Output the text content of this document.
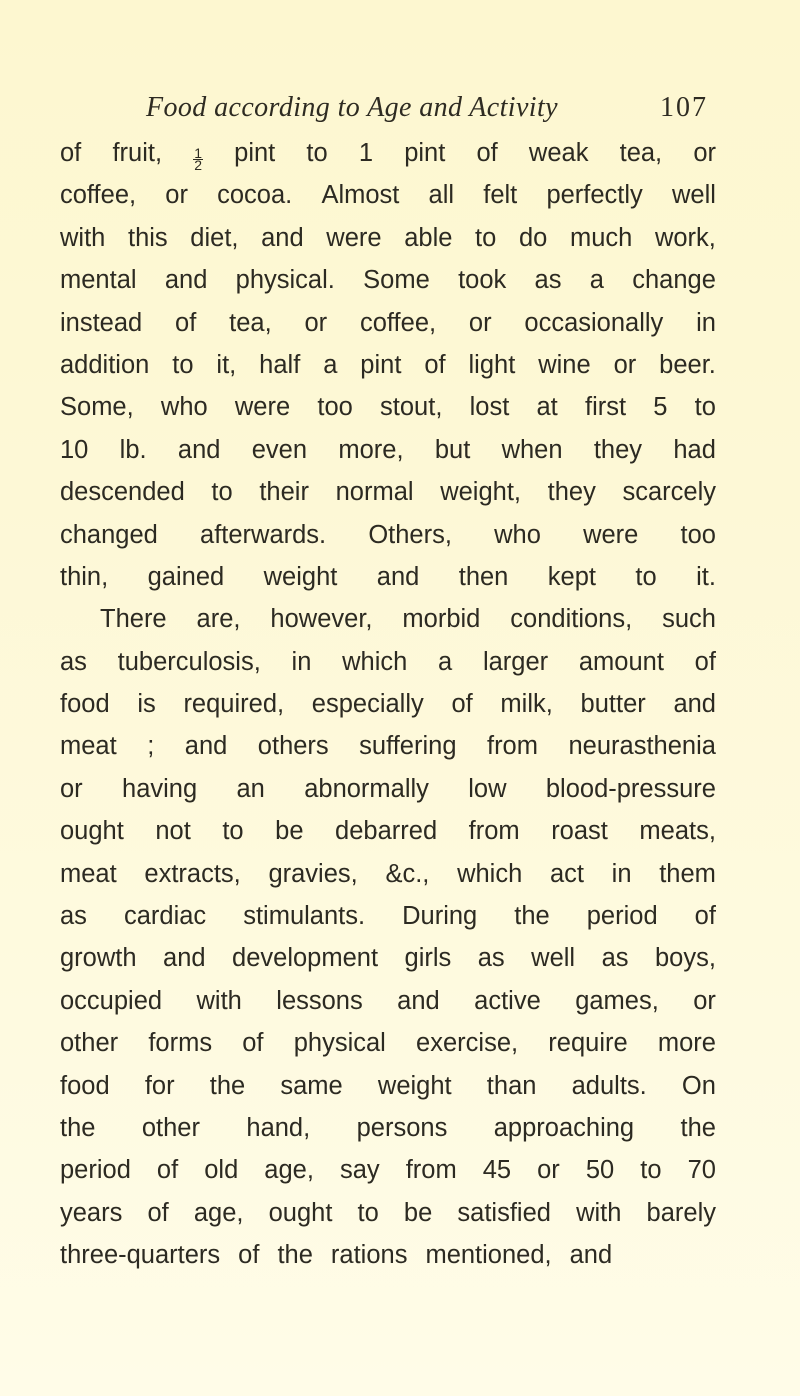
Food according to Age and Activity	107
of fruit, $\frac{1}{2}$ pint to 1 pint of weak tea, or
coffee, or cocoa. Almost all felt perfectly well
with this diet, and were able to do much work,
mental and physical. Some took as a change
instead of tea, or coffee, or occasionally in
addition to it, half a pint of light wine or beer.
Some, who were too stout, lost at first 5 to
10 lb. and even more, but when they had
descended to their normal weight, they scarcely
changed afterwards. Others, who were too
thin, gained weight and then kept to it.
There are, however, morbid conditions, such
as tuberculosis, in which a larger amount of
food is required, especially of milk, butter and
meat ; and others suffering from neurasthenia
or having an abnormally low blood-pressure
ought not to be debarred from roast meats,
meat extracts, gravies, &c., which act in them
as cardiac stimulants. During the period of
growth and development girls as well as boys,
occupied with lessons and active games, or
other forms of physical exercise, require more
food for the same weight than adults. On
the other hand, persons approaching the
period of old age, say from 45 or 50 to 70
years of age, ought to be satisfied with barely
three-quarters of the rations mentioned, and
